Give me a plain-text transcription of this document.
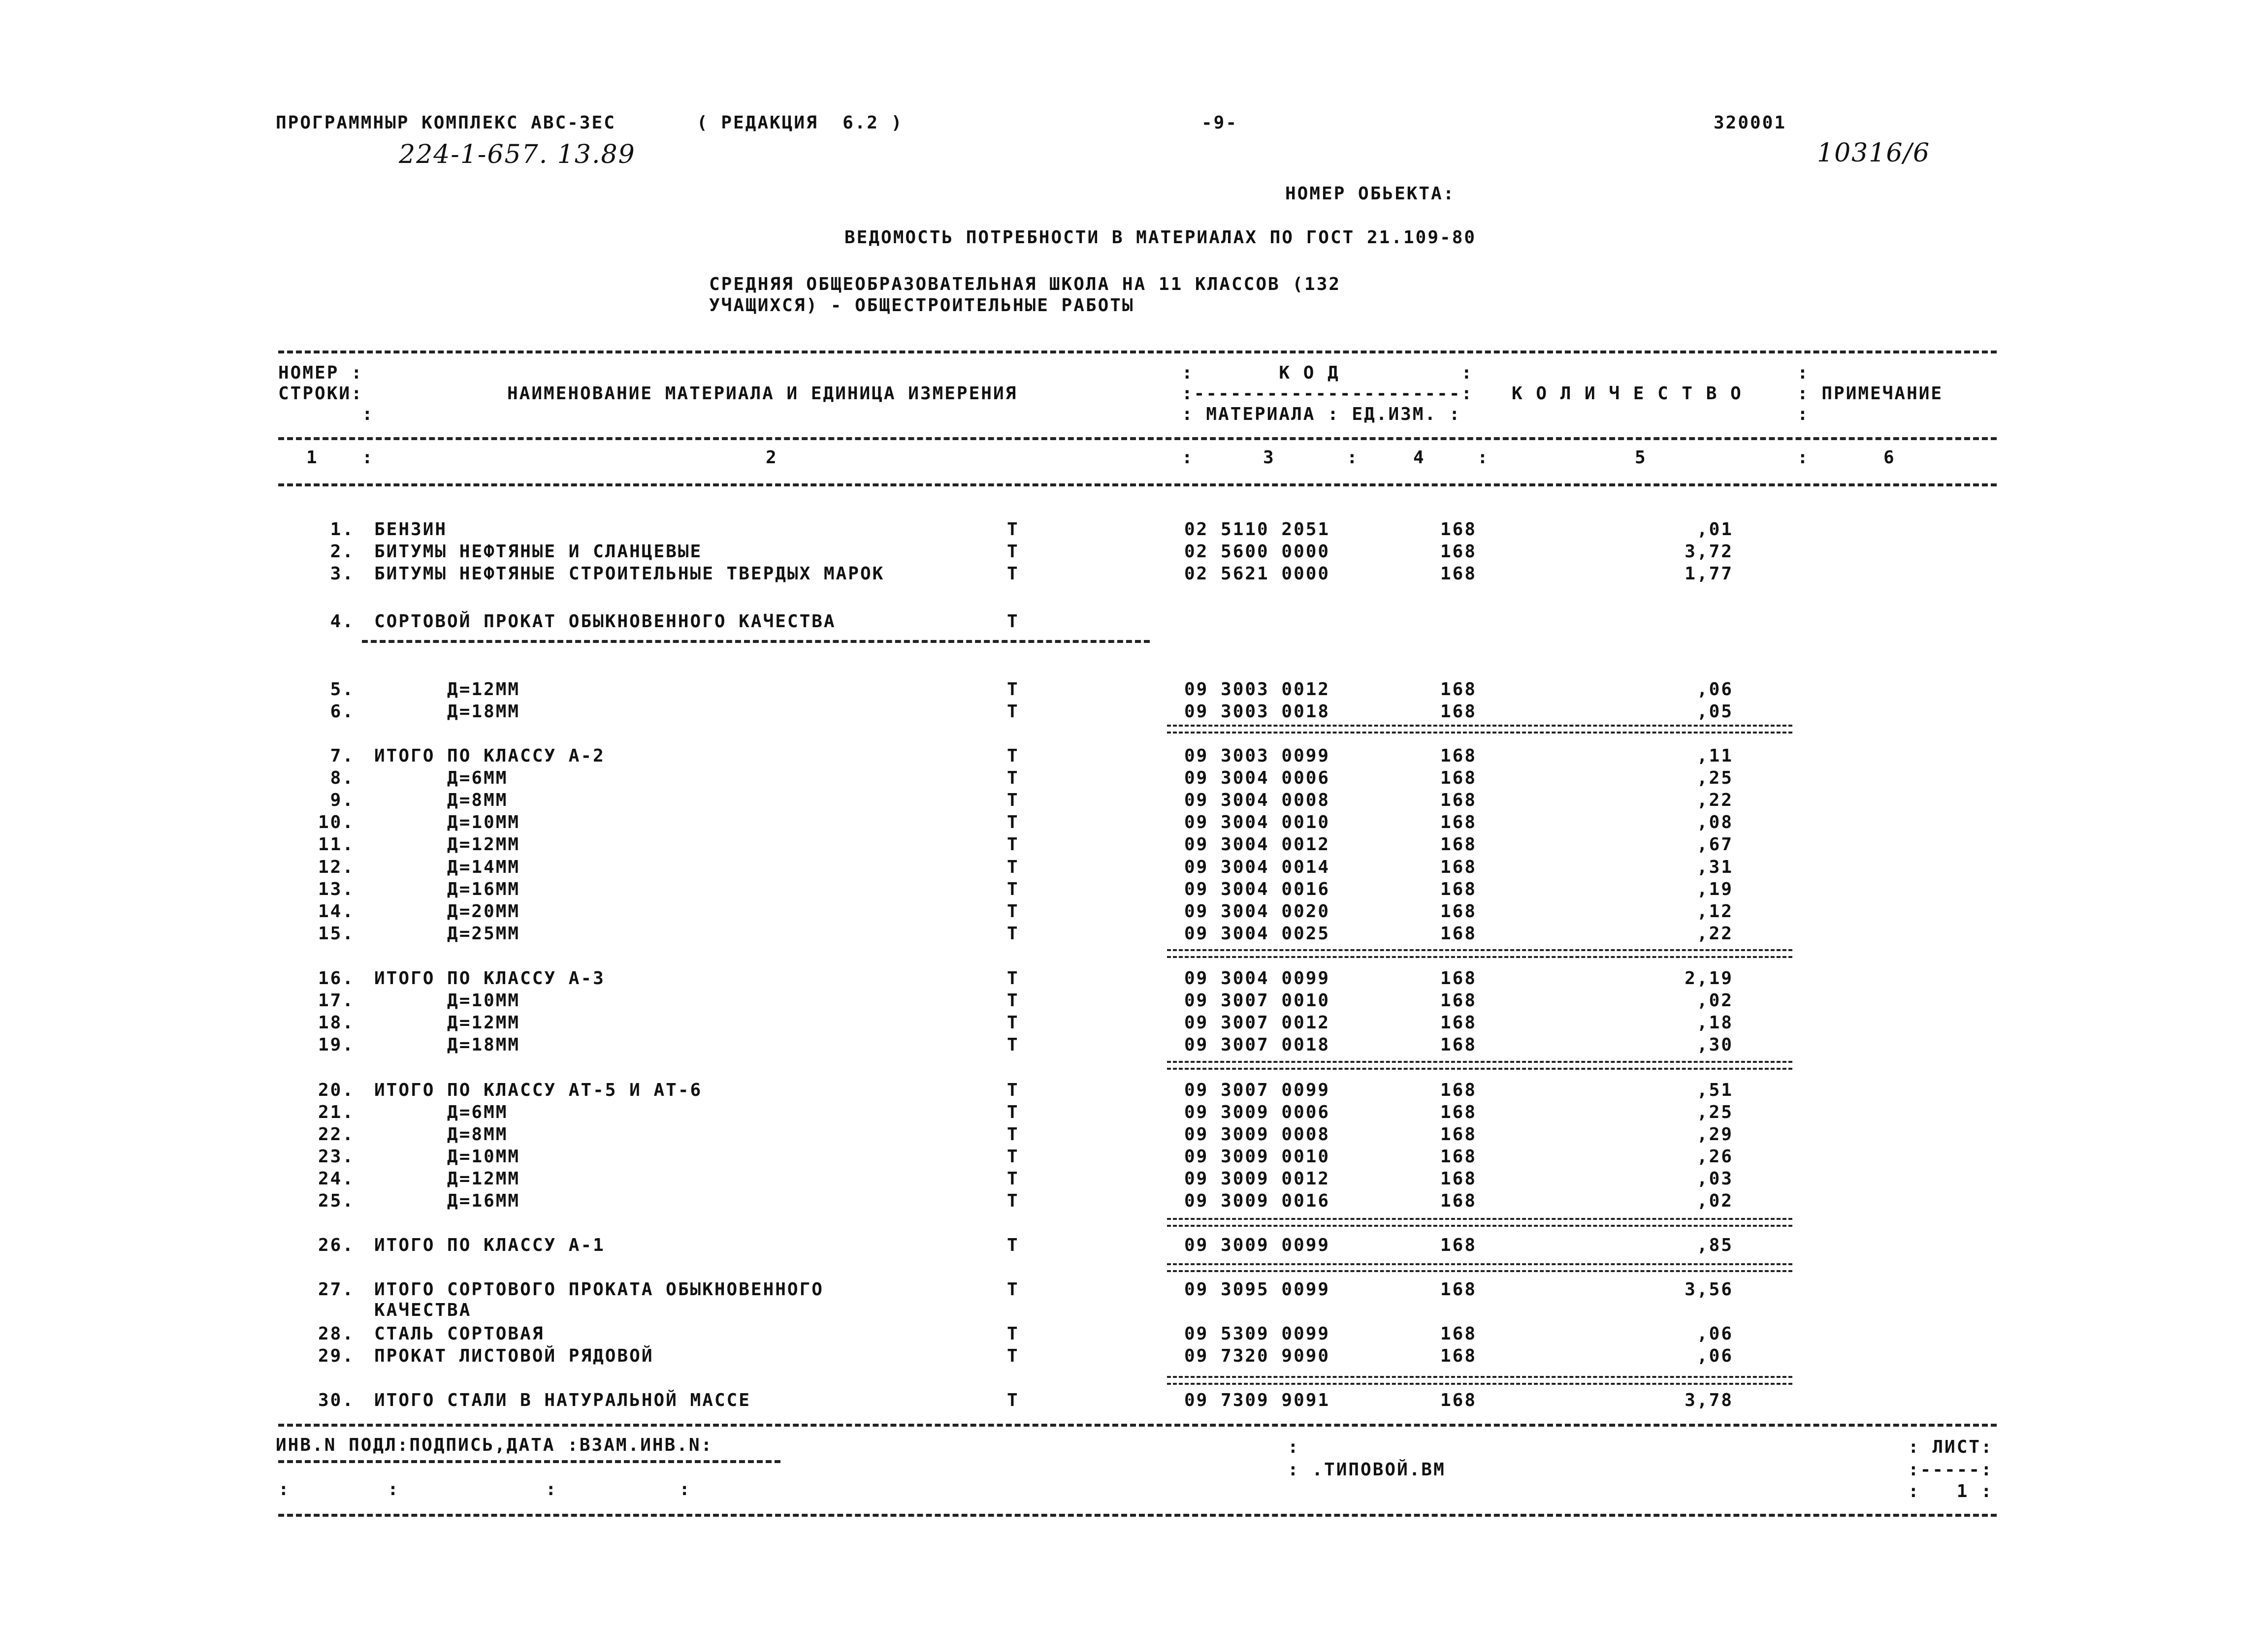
ПРОГРАММНЫР КОМПЛЕКС АВС-ЗЕС	( РЕДАКЦИЯ  6.2 )	-9-	320001
224-1-657. 13.89	10316/6
НОМЕР ОБЬЕКТА:
ВЕДОМОСТЬ ПОТРЕБНОСТИ В МАТЕРИАЛАХ ПО ГОСТ 21.109-80
СРЕДНЯЯ ОБЩЕОБРАЗОВАТЕЛЬНАЯ ШКОЛА НА 11 КЛАССОВ (132
УЧАЩИХСЯ) - ОБЩЕСТРОИТЕЛЬНЫЕ РАБОТЫ
НОМЕР :
СТРОКИ:
:
НАИМЕНОВАНИЕ МАТЕРИАЛА И ЕДИНИЦА ИЗМЕРЕНИЯ
:       К О Д          :
:----------------------:
: МАТЕРИАЛА : ЕД.ИЗМ. :
К О Л И Ч Е С Т В О
:
: ПРИМЕЧАНИЕ
:
1 :	2	:	3	:	4	:	5	:	6
1. БЕНЗИН	Т	02 5110 2051	168	,01
2. БИТУМЫ НЕФТЯНЫЕ И СЛАНЦЕВЫЕ	Т	02 5600 0000	168	3,72
3. БИТУМЫ НЕФТЯНЫЕ СТРОИТЕЛЬНЫЕ ТВЕРДЫХ МАРОК	Т	02 5621 0000	168	1,77
4. СОРТОВОЙ ПРОКАТ ОБЫКНОВЕННОГО КАЧЕСТВА	Т
5. Д=12ММ	Т	09 3003 0012	168	,06
6. Д=18ММ	Т	09 3003 0018	168	,05
7. ИТОГО ПО КЛАССУ А-2	Т	09 3003 0099	168	,11
8. Д=6ММ	Т	09 3004 0006	168	,25
9. Д=8ММ	Т	09 3004 0008	168	,22
10. Д=10ММ	Т	09 3004 0010	168	,08
11. Д=12ММ	Т	09 3004 0012	168	,67
12. Д=14ММ	Т	09 3004 0014	168	,31
13. Д=16ММ	Т	09 3004 0016	168	,19
14. Д=20ММ	Т	09 3004 0020	168	,12
15. Д=25ММ	Т	09 3004 0025	168	,22
16. ИТОГО ПО КЛАССУ А-3	Т	09 3004 0099	168	2,19
17. Д=10ММ	Т	09 3007 0010	168	,02
18. Д=12ММ	Т	09 3007 0012	168	,18
19. Д=18ММ	Т	09 3007 0018	168	,30
20. ИТОГО ПО КЛАССУ АТ-5 И АТ-6	Т	09 3007 0099	168	,51
21. Д=6ММ	Т	09 3009 0006	168	,25
22. Д=8ММ	Т	09 3009 0008	168	,29
23. Д=10ММ	Т	09 3009 0010	168	,26
24. Д=12ММ	Т	09 3009 0012	168	,03
25. Д=16ММ	Т	09 3009 0016	168	,02
26. ИТОГО ПО КЛАССУ А-1	Т	09 3009 0099	168	,85
27. ИТОГО СОРТОВОГО ПРОКАТА ОБЫКНОВЕННОГО	Т	09 3095 0099	168	3,56
КАЧЕСТВА
28. СТАЛЬ СОРТОВАЯ	Т	09 5309 0099	168	,06
29. ПРОКАТ ЛИСТОВОЙ РЯДОВОЙ	Т	09 7320 9090	168	,06
30. ИТОГО СТАЛИ В НАТУРАЛЬНОЙ МАССЕ	Т	09 7309 9091	168	3,78
ИНВ.N ПОДЛ:ПОДПИСЬ,ДАТА :ВЗАМ.ИНВ.N:
:        :            :          :
:
: .ТИПОВОЙ.ВМ
: ЛИСТ:
:-----:
:   1 :
